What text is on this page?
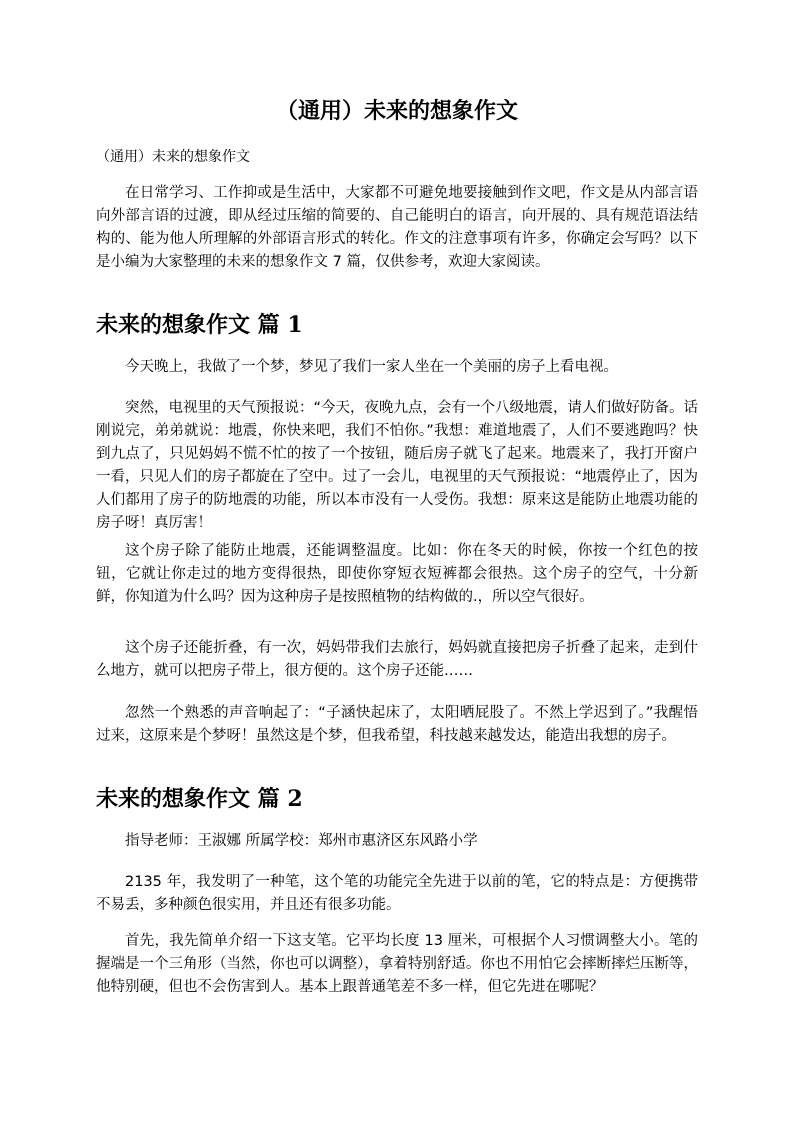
（通用）未来的想象作文

（通用）未来的想象作文

在日常学习、工作抑或是生活中，大家都不可避免地要接触到作文吧，作文是从内部言语向外部言语的过渡，即从经过压缩的简要的、自己能明白的语言，向开展的、具有规范语法结构的、能为他人所理解的外部语言形式的转化。作文的注意事项有许多，你确定会写吗？以下是小编为大家整理的未来的想象作文 7 篇，仅供参考，欢迎大家阅读。

未来的想象作文 篇 1

今天晚上，我做了一个梦，梦见了我们一家人坐在一个美丽的房子上看电视。

突然，电视里的天气预报说：“今天，夜晚九点，会有一个八级地震，请人们做好防备。话刚说完，弟弟就说：地震，你快来吧，我们不怕你。”我想：难道地震了，人们不要逃跑吗？快到九点了，只见妈妈不慌不忙的按了一个按钮，随后房子就飞了起来。地震来了，我打开窗户一看，只见人们的房子都旋在了空中。过了一会儿，电视里的天气预报说：“地震停止了，因为人们都用了房子的防地震的功能，所以本市没有一人受伤。我想：原来这是能防止地震功能的房子呀！真厉害！

这个房子除了能防止地震，还能调整温度。比如：你在冬天的时候，你按一个红色的按钮，它就让你走过的地方变得很热，即使你穿短衣短裤都会很热。这个房子的空气，十分新鲜，你知道为什么吗？因为这种房子是按照植物的结构做的.，所以空气很好。

这个房子还能折叠，有一次，妈妈带我们去旅行，妈妈就直接把房子折叠了起来，走到什么地方，就可以把房子带上，很方便的。这个房子还能……

忽然一个熟悉的声音响起了：“子涵快起床了，太阳晒屁股了。不然上学迟到了。”我醒悟过来，这原来是个梦呀！虽然这是个梦，但我希望，科技越来越发达，能造出我想的房子。

未来的想象作文 篇 2

指导老师：王淑娜 所属学校：郑州市惠济区东风路小学

2135 年，我发明了一种笔，这个笔的功能完全先进于以前的笔，它的特点是：方便携带不易丢，多种颜色很实用，并且还有很多功能。

首先，我先简单介绍一下这支笔。它平均长度 13 厘米，可根据个人习惯调整大小。笔的握端是一个三角形（当然，你也可以调整），拿着特别舒适。你也不用怕它会摔断摔烂压断等，他特别硬，但也不会伤害到人。基本上跟普通笔差不多一样，但它先进在哪呢？
